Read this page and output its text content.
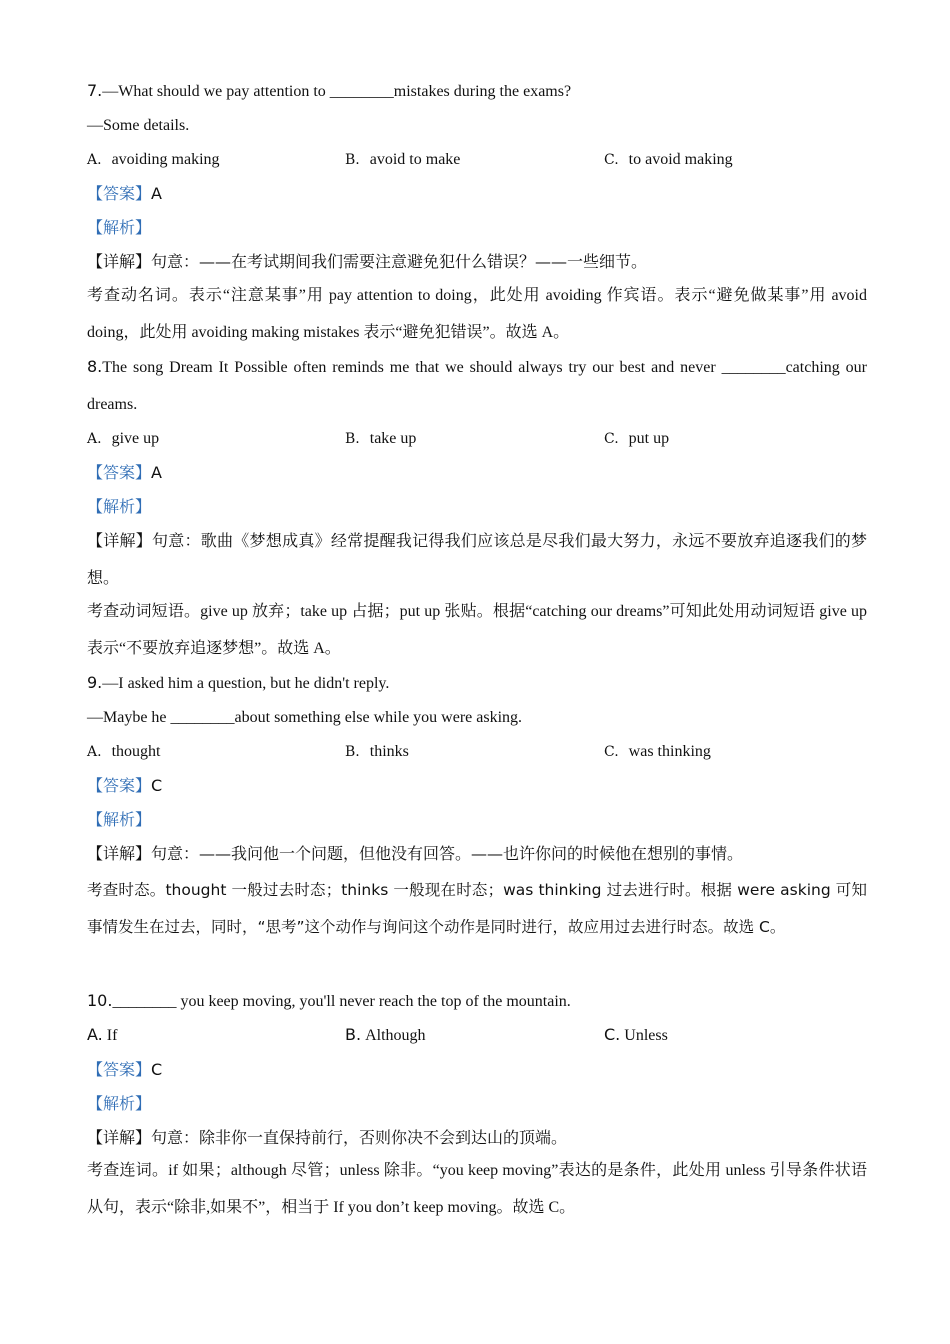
7.—What should we pay attention to ________mistakes during the exams?
—Some details.
A. avoiding making	B. avoid to make	C. to avoid making
【答案】A
【解析】
【详解】句意：——在考试期间我们需要注意避免犯什么错误？——一些细节。
考查动名词。表示“注意某事”用 pay attention to doing，此处用 avoiding 作宾语。表示“避免做某事”用 avoid doing，此处用 avoiding making mistakes 表示“避免犯错误”。故选 A。
8.The song Dream It Possible often reminds me that we should always try our best and never ________catching our dreams.
A. give up	B. take up	C. put up
【答案】A
【解析】
【详解】句意：歌曲《梦想成真》经常提醒我记得我们应该总是尽我们最大努力，永远不要放弃追逐我们的梦想。
考查动词短语。give up 放弃；take up 占据；put up 张贴。根据“catching our dreams”可知此处用动词短语 give up 表示“不要放弃追逐梦想”。故选 A。
9.—I asked him a question, but he didn't reply.
—Maybe he ________about something else while you were asking.
A. thought	B. thinks	C. was thinking
【答案】C
【解析】
【详解】句意：——我问他一个问题，但他没有回答。——也许你问的时候他在想别的事情。
考查时态。thought 一般过去时态；thinks 一般现在时态；was thinking 过去进行时。根据 were asking 可知事情发生在过去，同时，“思考”这个动作与询问这个动作是同时进行，故应用过去进行时态。故选 C。
10.________ you keep moving, you'll never reach the top of the mountain.
A. If	B. Although	C. Unless
【答案】C
【解析】
【详解】句意：除非你一直保持前行，否则你决不会到达山的顶端。
考查连词。if 如果；although 尽管；unless 除非。“you keep moving”表达的是条件，此处用 unless 引导条件状语从句，表示“除非,如果不”，相当于 If you don’t keep moving。故选 C。
